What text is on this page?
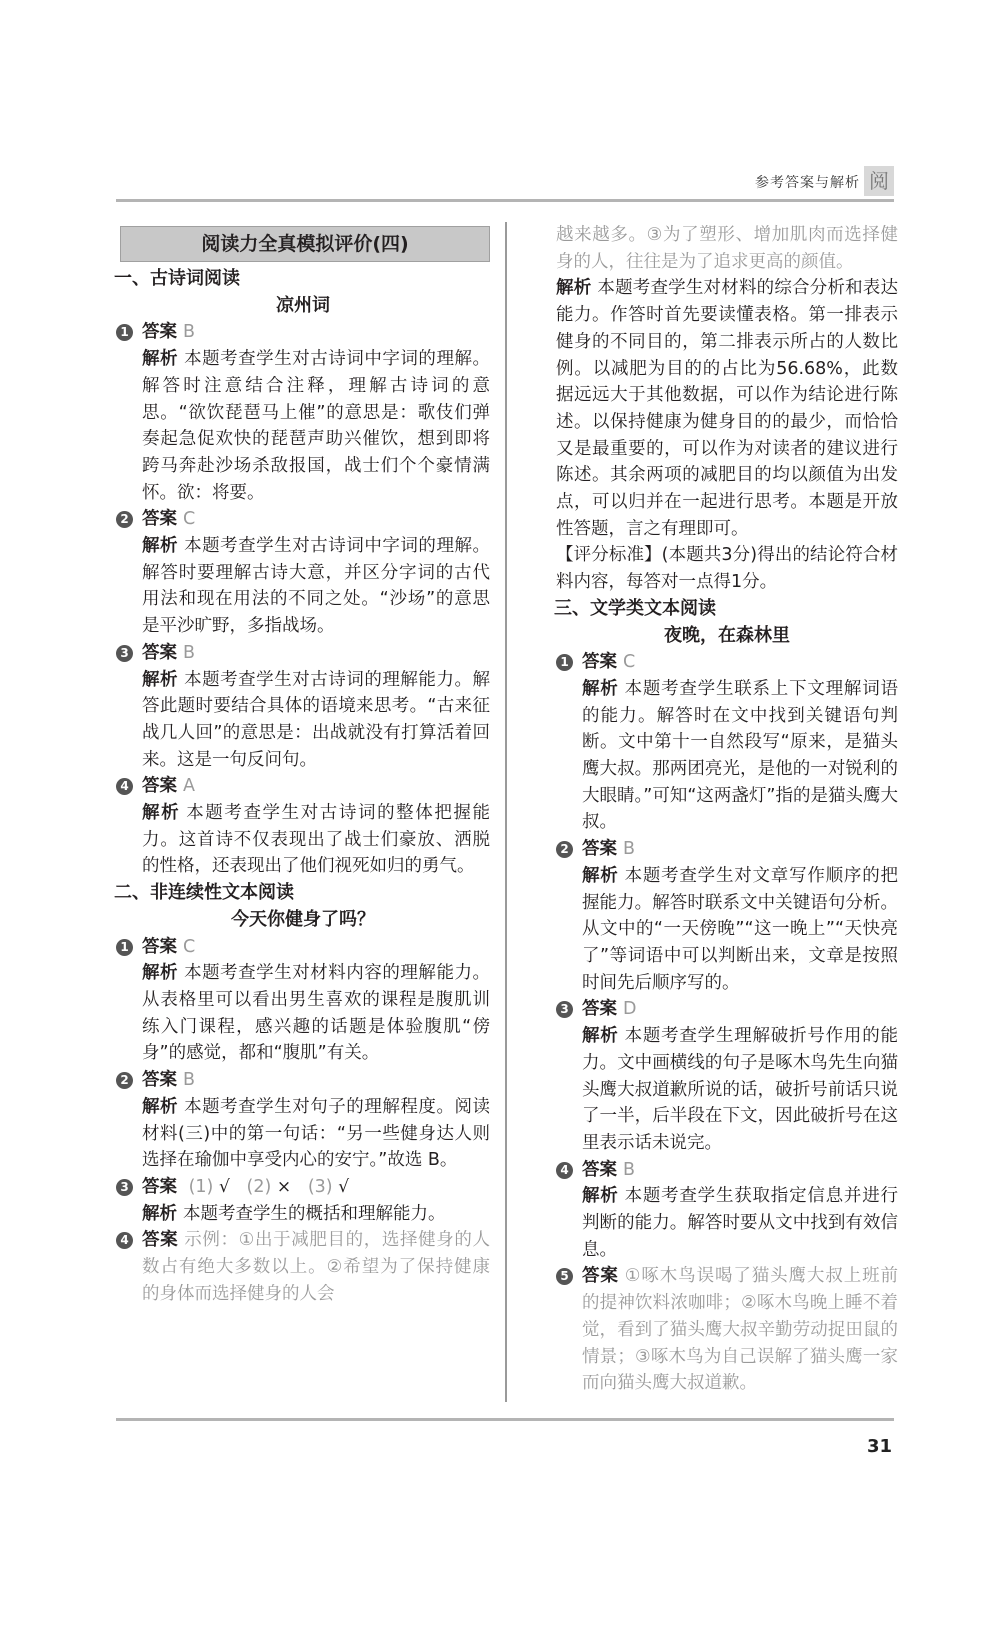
参考答案与解析 阅
阅读力全真模拟评价(四)
一、古诗词阅读
凉州词
1 答案 B
解析 本题考查学生对古诗词中字词的理解。解答时注意结合注释，理解古诗词的意思。“欲饮琵琶马上催”的意思是：歌伎们弹奏起急促欢快的琵琶声助兴催饮，想到即将跨马奔赴沙场杀敌报国，战士们个个豪情满怀。欲：将要。
2 答案 C
解析 本题考查学生对古诗词中字词的理解。解答时要理解古诗大意，并区分字词的古代用法和现在用法的不同之处。“沙场”的意思是平沙旷野，多指战场。
3 答案 B
解析 本题考查学生对古诗词的理解能力。解答此题时要结合具体的语境来思考。“古来征战几人回”的意思是：出战就没有打算活着回来。这是一句反问句。
4 答案 A
解析 本题考查学生对古诗词的整体把握能力。这首诗不仅表现出了战士们豪放、洒脱的性格，还表现出了他们视死如归的勇气。
二、非连续性文本阅读
今天你健身了吗？
1 答案 C
解析 本题考查学生对材料内容的理解能力。从表格里可以看出男生喜欢的课程是腹肌训练入门课程，感兴趣的话题是体验腹肌“傍身”的感觉，都和“腹肌”有关。
2 答案 B
解析 本题考查学生对句子的理解程度。阅读材料(三)中的第一句话：“另一些健身达人则选择在瑜伽中享受内心的安宁。”故选 B。
3 答案 (1) √ (2) × (3) √
解析 本题考查学生的概括和理解能力。
4 答案 示例：①出于减肥目的，选择健身的人数占有绝大多数以上。②希望为了保持健康的身体而选择健身的人会
越来越多。③为了塑形、增加肌肉而选择健身的人，往往是为了追求更高的颜值。
解析 本题考查学生对材料的综合分析和表达能力。作答时首先要读懂表格。第一排表示健身的不同目的，第二排表示所占的人数比例。以减肥为目的的占比为56.68%，此数据远远大于其他数据，可以作为结论进行陈述。以保持健康为健身目的的最少，而恰恰又是最重要的，可以作为对读者的建议进行陈述。其余两项的减肥目的均以颜值为出发点，可以归并在一起进行思考。本题是开放性答题，言之有理即可。
【评分标准】(本题共3分)得出的结论符合材料内容，每答对一点得1分。
三、文学类文本阅读
夜晚，在森林里
1 答案 C
解析 本题考查学生联系上下文理解词语的能力。解答时在文中找到关键语句判断。文中第十一自然段写“原来，是猫头鹰大叔。那两团亮光，是他的一对锐利的大眼睛。”可知“这两盏灯”指的是猫头鹰大叔。
2 答案 B
解析 本题考查学生对文章写作顺序的把握能力。解答时联系文中关键语句分析。从文中的“一天傍晚”“这一晚上”“天快亮了”等词语中可以判断出来，文章是按照时间先后顺序写的。
3 答案 D
解析 本题考查学生理解破折号作用的能力。文中画横线的句子是啄木鸟先生向猫头鹰大叔道歉所说的话，破折号前话只说了一半，后半段在下文，因此破折号在这里表示话未说完。
4 答案 B
解析 本题考查学生获取指定信息并进行判断的能力。解答时要从文中找到有效信息。
5 答案 ①啄木鸟误喝了猫头鹰大叔上班前的提神饮料浓咖啡；②啄木鸟晚上睡不着觉，看到了猫头鹰大叔辛勤劳动捉田鼠的情景；③啄木鸟为自己误解了猫头鹰一家而向猫头鹰大叔道歉。
31
